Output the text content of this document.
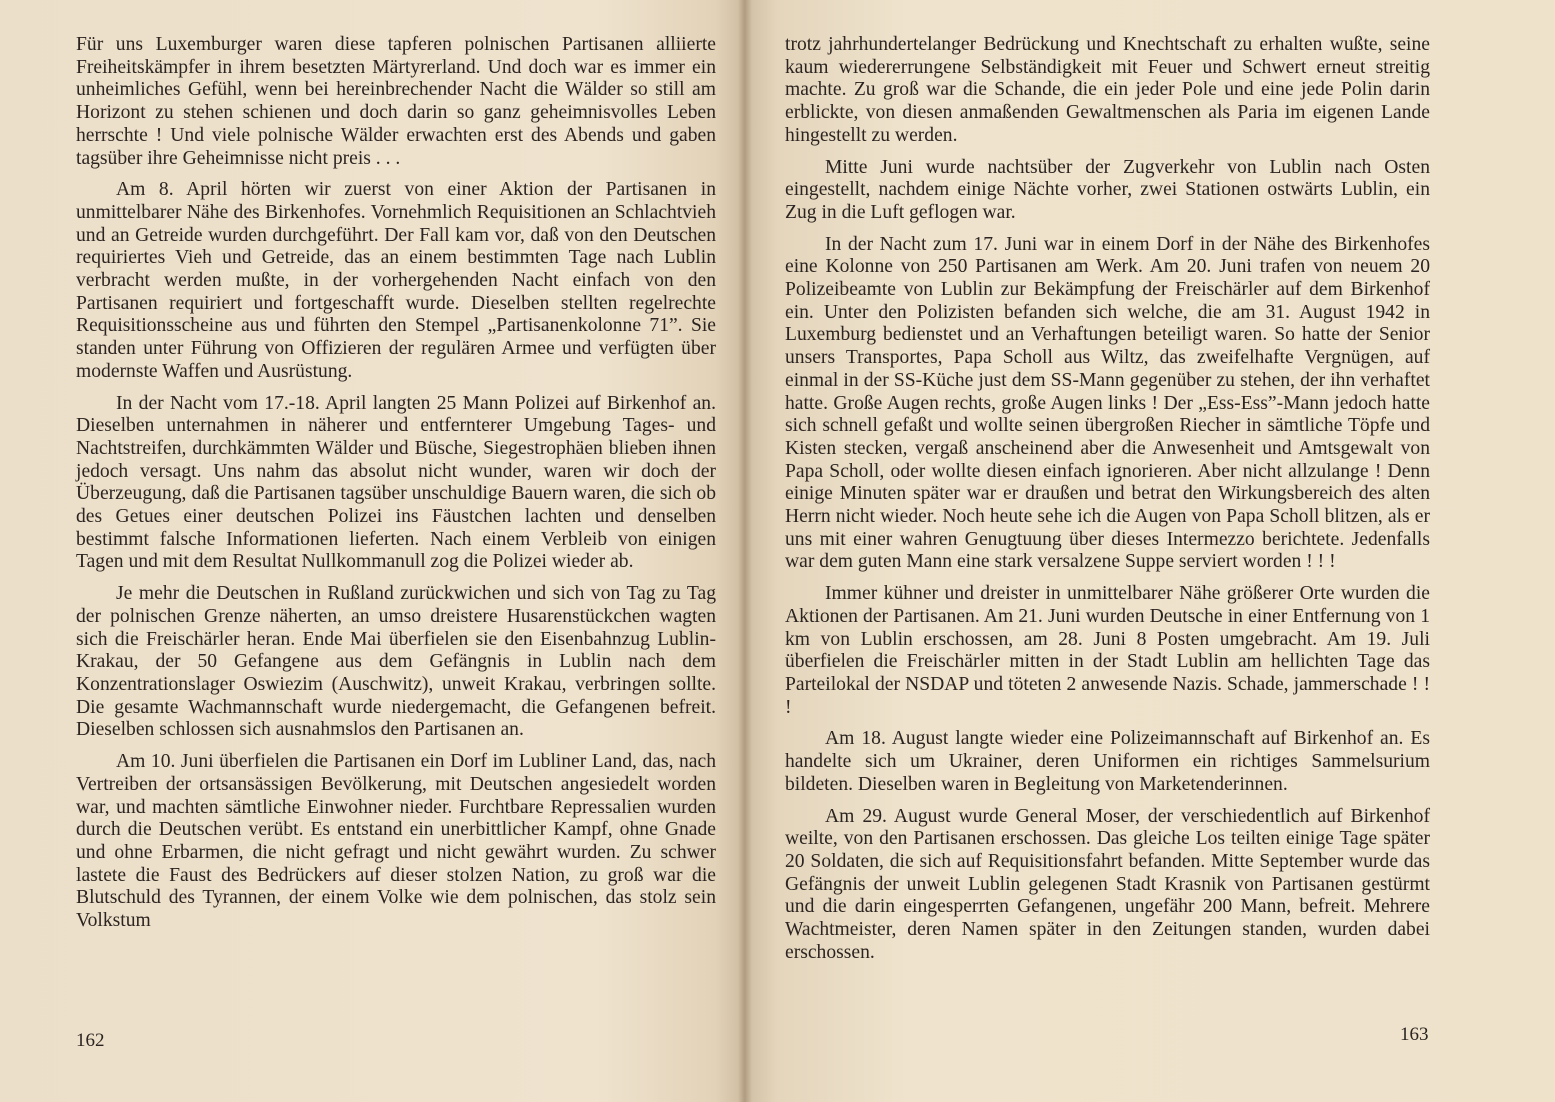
Für uns Luxemburger waren diese tapferen polnischen Partisanen alliierte Freiheitskämpfer in ihrem besetzten Märtyrerland. Und doch war es immer ein unheimliches Gefühl, wenn bei hereinbrechender Nacht die Wälder so still am Horizont zu stehen schienen und doch darin so ganz geheimnisvolles Leben herrschte ! Und viele polnische Wälder erwachten erst des Abends und gaben tagsüber ihre Geheimnisse nicht preis . . .

Am 8. April hörten wir zuerst von einer Aktion der Partisanen in unmittelbarer Nähe des Birkenhofes. Vornehmlich Requisitionen an Schlachtvieh und an Getreide wurden durchgeführt. Der Fall kam vor, daß von den Deutschen requiriertes Vieh und Getreide, das an einem bestimmten Tage nach Lublin verbracht werden mußte, in der vorhergehenden Nacht einfach von den Partisanen requiriert und fortgeschafft wurde. Dieselben stellten regelrechte Requisitionsscheine aus und führten den Stempel „Partisanenkolonne 71”. Sie standen unter Führung von Offizieren der regulären Armee und verfügten über modernste Waffen und Ausrüstung.

In der Nacht vom 17.-18. April langten 25 Mann Polizei auf Birkenhof an. Dieselben unternahmen in näherer und entfernterer Umgebung Tages- und Nachtstreifen, durchkämmten Wälder und Büsche, Siegestrophäen blieben ihnen jedoch versagt. Uns nahm das absolut nicht wunder, waren wir doch der Überzeugung, daß die Partisanen tagsüber unschuldige Bauern waren, die sich ob des Getues einer deutschen Polizei ins Fäustchen lachten und denselben bestimmt falsche Informationen lieferten. Nach einem Verbleib von einigen Tagen und mit dem Resultat Nullkommanull zog die Polizei wieder ab.

Je mehr die Deutschen in Rußland zurückwichen und sich von Tag zu Tag der polnischen Grenze näherten, an umso dreistere Husarenstückchen wagten sich die Freischärler heran. Ende Mai überfielen sie den Eisenbahnzug Lublin-Krakau, der 50 Gefangene aus dem Gefängnis in Lublin nach dem Konzentrationslager Oswiezim (Auschwitz), unweit Krakau, verbringen sollte. Die gesamte Wachmannschaft wurde niedergemacht, die Gefangenen befreit. Dieselben schlossen sich ausnahmslos den Partisanen an.

Am 10. Juni überfielen die Partisanen ein Dorf im Lubliner Land, das, nach Vertreiben der ortsansässigen Bevölkerung, mit Deutschen angesiedelt worden war, und machten sämtliche Einwohner nieder. Furchtbare Repressalien wurden durch die Deutschen verübt. Es entstand ein unerbittlicher Kampf, ohne Gnade und ohne Erbarmen, die nicht gefragt und nicht gewährt wurden. Zu schwer lastete die Faust des Bedrückers auf dieser stolzen Nation, zu groß war die Blutschuld des Tyrannen, der einem Volke wie dem polnischen, das stolz sein Volkstum

162

trotz jahrhundertelanger Bedrückung und Knechtschaft zu erhalten wußte, seine kaum wiedererrungene Selbständigkeit mit Feuer und Schwert erneut streitig machte. Zu groß war die Schande, die ein jeder Pole und eine jede Polin darin erblickte, von diesen anmaßenden Gewaltmenschen als Paria im eigenen Lande hingestellt zu werden.

Mitte Juni wurde nachtsüber der Zugverkehr von Lublin nach Osten eingestellt, nachdem einige Nächte vorher, zwei Stationen ostwärts Lublin, ein Zug in die Luft geflogen war.

In der Nacht zum 17. Juni war in einem Dorf in der Nähe des Birkenhofes eine Kolonne von 250 Partisanen am Werk. Am 20. Juni trafen von neuem 20 Polizeibeamte von Lublin zur Bekämpfung der Freischärler auf dem Birkenhof ein. Unter den Polizisten befanden sich welche, die am 31. August 1942 in Luxemburg bedienstet und an Verhaftungen beteiligt waren. So hatte der Senior unsers Transportes, Papa Scholl aus Wiltz, das zweifelhafte Vergnügen, auf einmal in der SS-Küche just dem SS-Mann gegenüber zu stehen, der ihn verhaftet hatte. Große Augen rechts, große Augen links ! Der „Ess-Ess”-Mann jedoch hatte sich schnell gefaßt und wollte seinen übergroßen Riecher in sämtliche Töpfe und Kisten stecken, vergaß anscheinend aber die Anwesenheit und Amtsgewalt von Papa Scholl, oder wollte diesen einfach ignorieren. Aber nicht allzulange ! Denn einige Minuten später war er draußen und betrat den Wirkungsbereich des alten Herrn nicht wieder. Noch heute sehe ich die Augen von Papa Scholl blitzen, als er uns mit einer wahren Genugtuung über dieses Intermezzo berichtete. Jedenfalls war dem guten Mann eine stark versalzene Suppe serviert worden ! ! !

Immer kühner und dreister in unmittelbarer Nähe größerer Orte wurden die Aktionen der Partisanen. Am 21. Juni wurden Deutsche in einer Entfernung von 1 km von Lublin erschossen, am 28. Juni 8 Posten umgebracht. Am 19. Juli überfielen die Freischärler mitten in der Stadt Lublin am hellichten Tage das Parteilokal der NSDAP und töteten 2 anwesende Nazis. Schade, jammerschade ! ! !

Am 18. August langte wieder eine Polizeimannschaft auf Birkenhof an. Es handelte sich um Ukrainer, deren Uniformen ein richtiges Sammelsurium bildeten. Dieselben waren in Begleitung von Marketenderinnen.

Am 29. August wurde General Moser, der verschiedentlich auf Birkenhof weilte, von den Partisanen erschossen. Das gleiche Los teilten einige Tage später 20 Soldaten, die sich auf Requisitionsfahrt befanden. Mitte September wurde das Gefängnis der unweit Lublin gelegenen Stadt Krasnik von Partisanen gestürmt und die darin eingesperrten Gefangenen, ungefähr 200 Mann, befreit. Mehrere Wachtmeister, deren Namen später in den Zeitungen standen, wurden dabei erschossen.

163
